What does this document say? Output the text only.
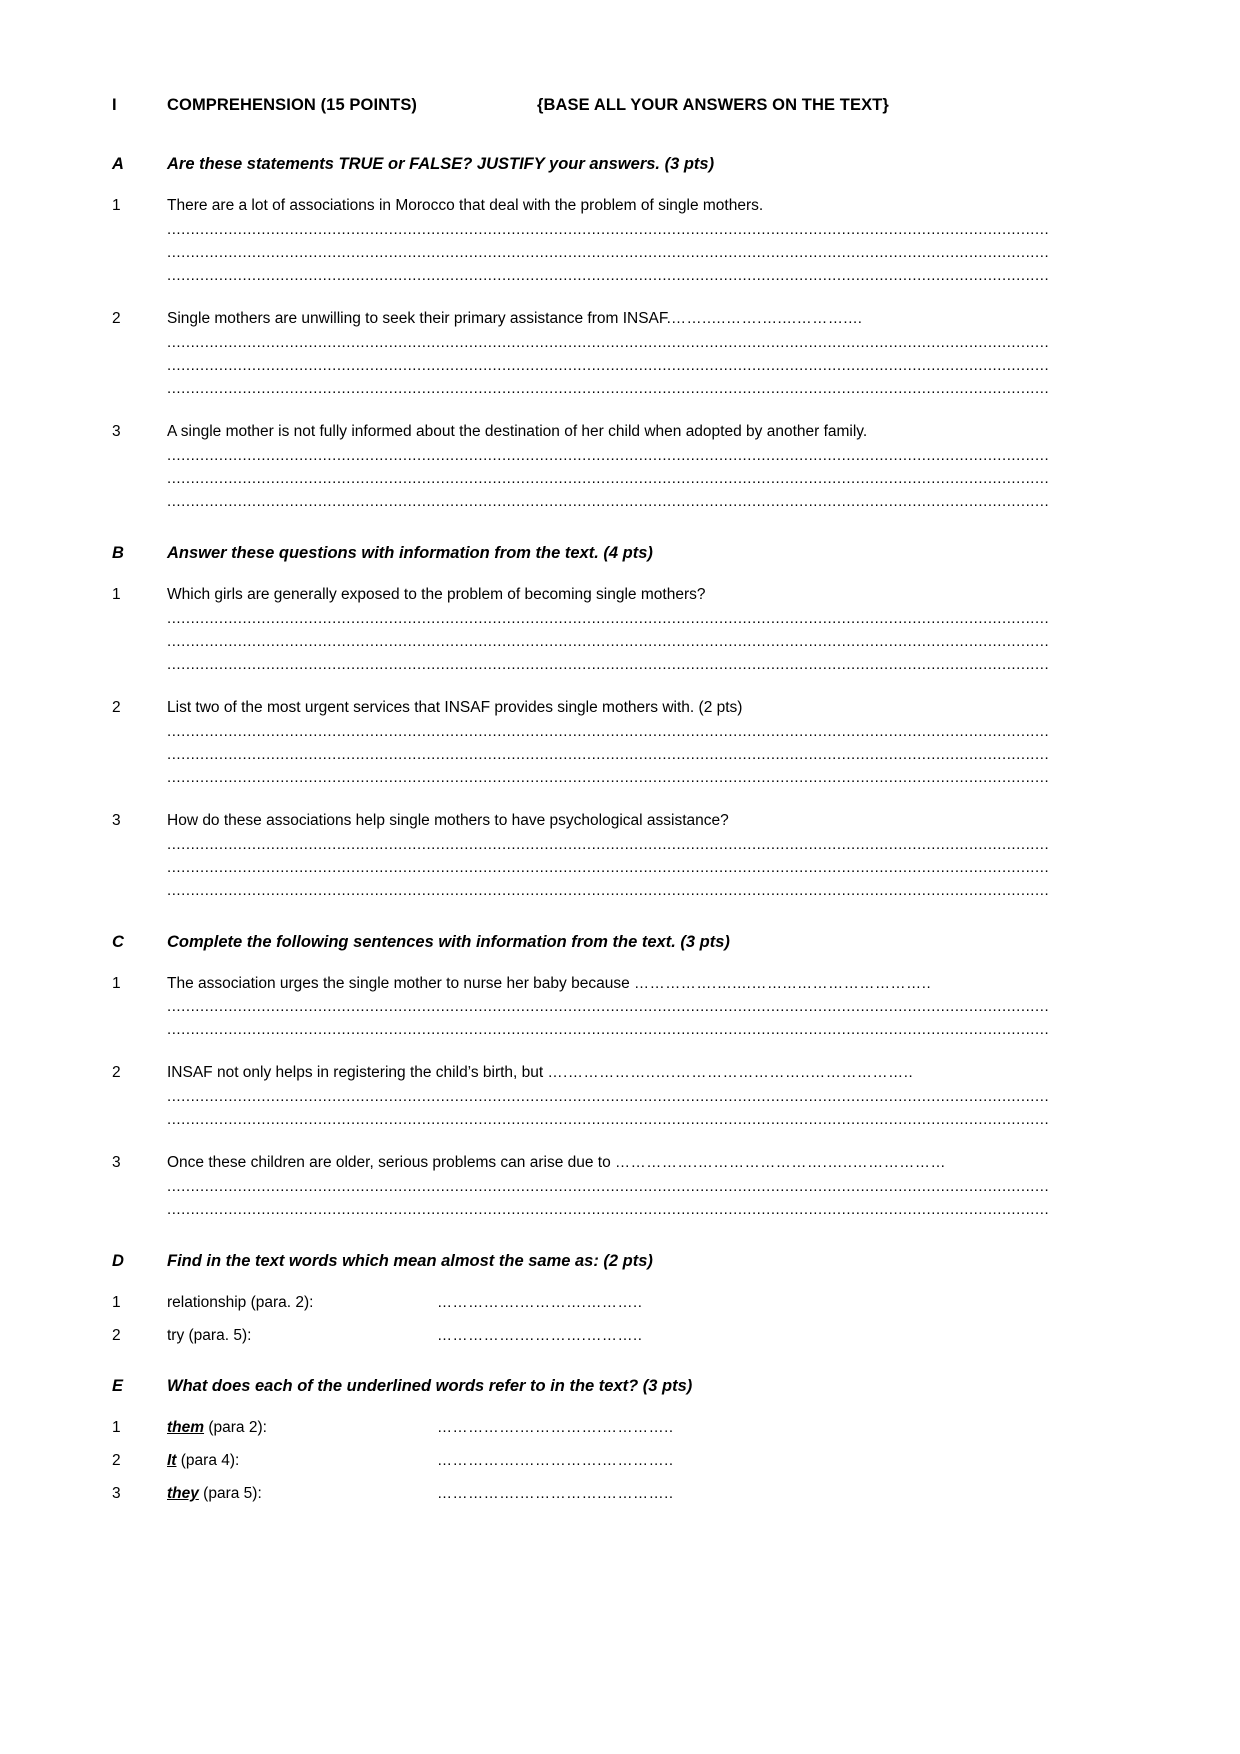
I	COMPREHENSION (15 POINTS)	{BASE ALL YOUR ANSWERS ON THE TEXT}
A	Are these statements TRUE or FALSE? JUSTIFY your answers. (3 pts)
1	There are a lot of associations in Morocco that deal with the problem of single mothers.
...........................................................................................................................................................................................
...........................................................................................................................................................................................
...........................................................................................................................................................................................
2	Single mothers are unwilling to seek their primary assistance from INSAF.…….....…….…....………....
...........................................................................................................................................................................................
...........................................................................................................................................................................................
...........................................................................................................................................................................................
3	A single mother is not fully informed about the destination of her child when adopted by another family.
...........................................................................................................................................................................................
...........................................................................................................................................................................................
...........................................................................................................................................................................................
B	Answer these questions with information from the text. (4 pts)
1	Which girls are generally exposed to the problem of becoming single mothers?
...........................................................................................................................................................................................
...........................................................................................................................................................................................
...........................................................................................................................................................................................
2	List two of the most urgent services that INSAF provides single mothers with. (2 pts)
...........................................................................................................................................................................................
...........................................................................................................................................................................................
...........................................................................................................................................................................................
3	How do these associations help single mothers to have psychological assistance?
...........................................................................................................................................................................................
...........................................................................................................................................................................................
...........................................................................................................................................................................................
C	Complete the following sentences with information from the text. (3 pts)
1	The association urges the single mother to nurse her baby because …………….…....……...……………………..
...........................................................................................................................................................................................
...........................................................................................................................................................................................
2	INSAF not only helps in registering the child’s birth, but ….……………..….……………………..………………..
...........................................................................................................................................................................................
...........................................................................................................................................................................................
3	Once these children are older, serious problems can arise due to …………….…………………….…..………………
...........................................................................................................................................................................................
...........................................................................................................................................................................................
D	Find in the text words which mean almost the same as: (2 pts)
1	relationship (para. 2):	…………….………….………..
2	try (para. 5):	…………….………….………..
E	What does each of the underlined words refer to in the text? (3 pts)
1	them (para 2):	…………….…………….…………..
2	It (para 4):	…………….…………….…………..
3	they (para 5):	…………….…………….…………..
